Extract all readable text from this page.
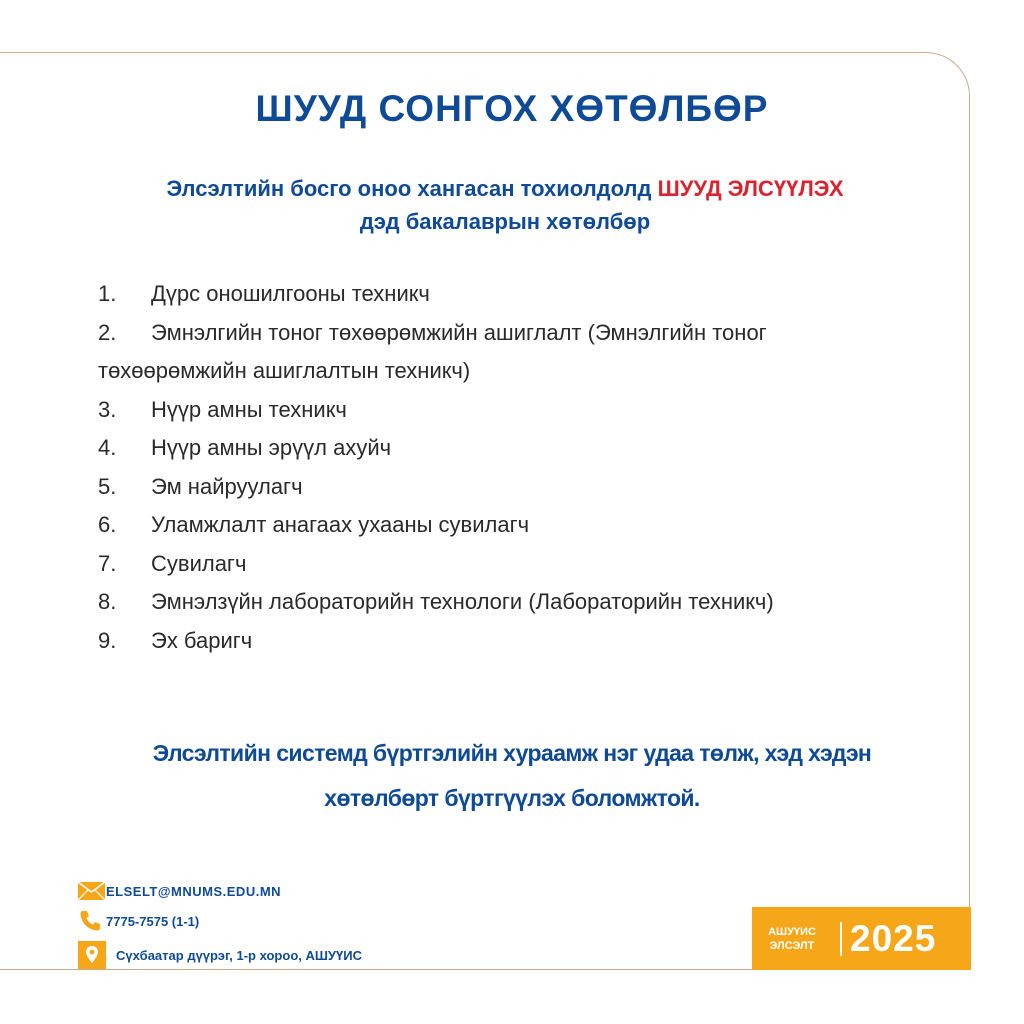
ШУУД СОНГОХ ХӨТӨЛБӨР
Элсэлтийн босго оноо хангасан тохиолдолд ШУУД ЭЛСҮҮЛЭХ
дэд бакалаврын хөтөлбөр
1. Дүрс оношилгооны техникч
2. Эмнэлгийн тоног төхөөрөмжийн ашиглалт (Эмнэлгийн тоног
төхөөрөмжийн ашиглалтын техникч)
3. Нүүр амны техникч
4. Нүүр амны эрүүл ахуйч
5. Эм найруулагч
6. Уламжлалт анагаах ухааны сувилагч
7. Сувилагч
8. Эмнэлзүйн лабораторийн технологи (Лабораторийн техникч)
9. Эх баригч
Элсэлтийн системд бүртгэлийн хураамж нэг удаа төлж, хэд хэдэн
хөтөлбөрт бүртгүүлэх боломжтой.
ELSELT@MNUMS.EDU.MN
7775-7575 (1-1)
Сүхбаатар дүүрэг, 1-р хороо, АШУҮИС
АШУҮИС
ЭЛСЭЛТ 2025
